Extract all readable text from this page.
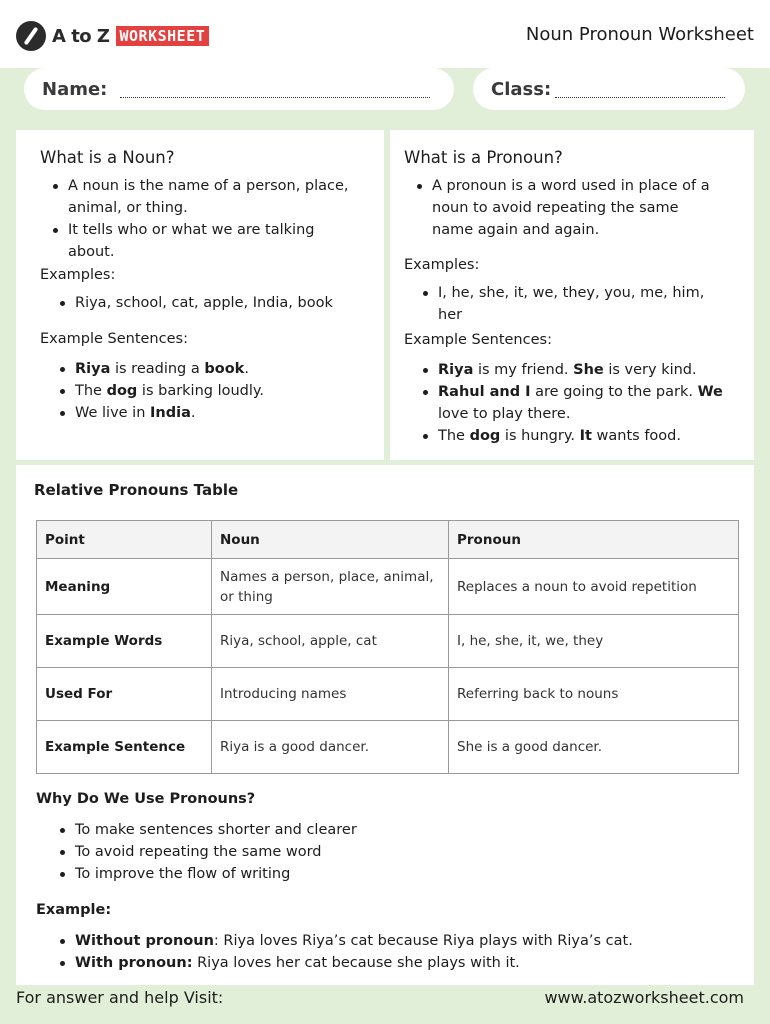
A to Z WORKSHEET	Noun Pronoun Worksheet
Name:	Class:
What is a Noun?
A noun is the name of a person, place, animal, or thing.
It tells who or what we are talking about.
Examples:
Riya, school, cat, apple, India, book
Example Sentences:
Riya is reading a book.
The dog is barking loudly.
We live in India.
What is a Pronoun?
A pronoun is a word used in place of a noun to avoid repeating the same name again and again.
Examples:
I, he, she, it, we, they, you, me, him, her
Example Sentences:
Riya is my friend. She is very kind.
Rahul and I are going to the park. We love to play there.
The dog is hungry. It wants food.
Relative Pronouns Table
Point	Noun	Pronoun
Meaning	Names a person, place, animal, or thing	Replaces a noun to avoid repetition
Example Words	Riya, school, apple, cat	I, he, she, it, we, they
Used For	Introducing names	Referring back to nouns
Example Sentence	Riya is a good dancer.	She is a good dancer.
Why Do We Use Pronouns?
To make sentences shorter and clearer
To avoid repeating the same word
To improve the flow of writing
Example:
Without pronoun: Riya loves Riya’s cat because Riya plays with Riya’s cat.
With pronoun: Riya loves her cat because she plays with it.
For answer and help Visit:	www.atozworksheet.com
